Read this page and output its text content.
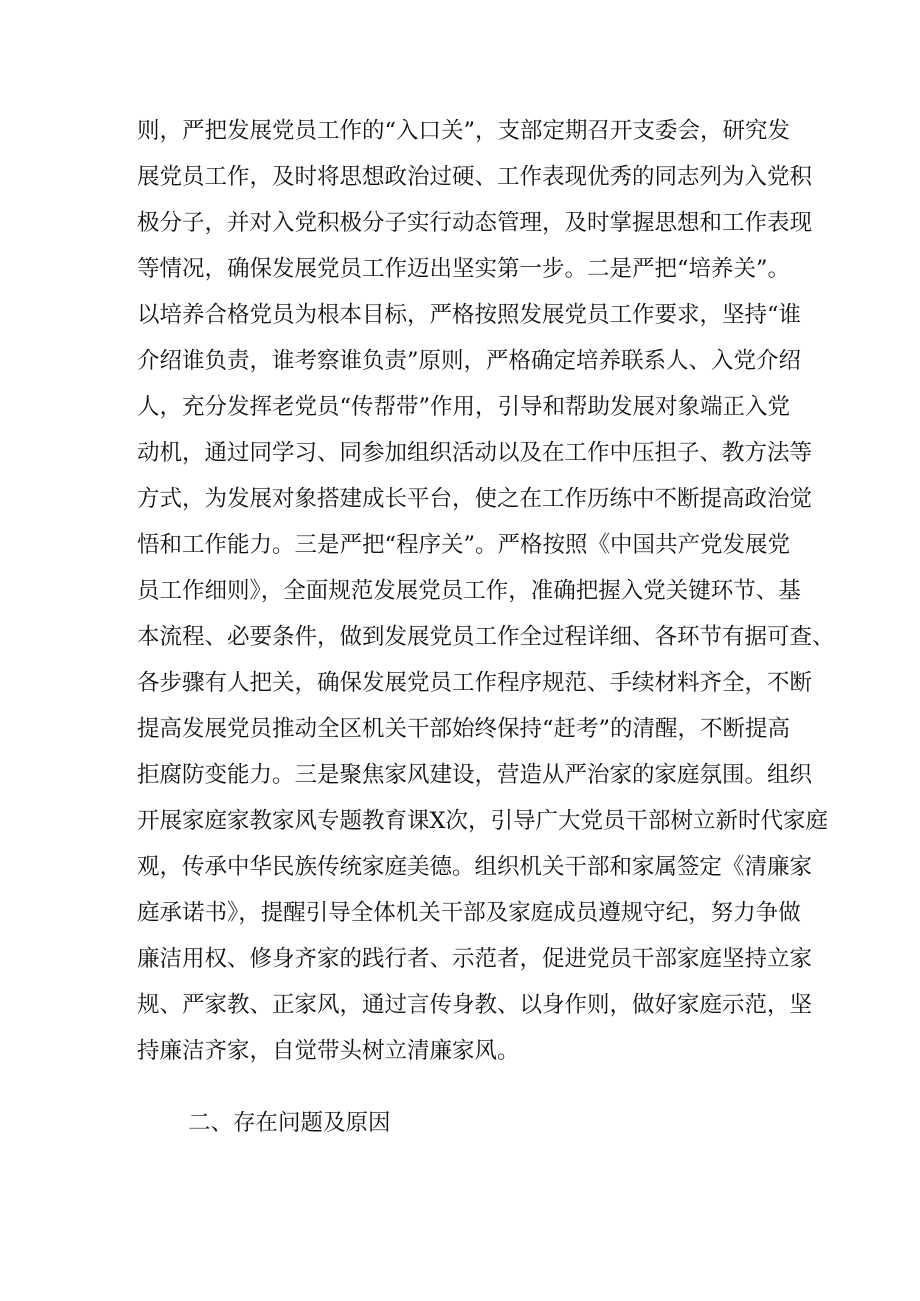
则，严把发展党员工作的“入口关”，支部定期召开支委会，研究发
展党员工作，及时将思想政治过硬、工作表现优秀的同志列为入党积
极分子，并对入党积极分子实行动态管理，及时掌握思想和工作表现
等情况，确保发展党员工作迈出坚实第一步。二是严把“培养关”。
以培养合格党员为根本目标，严格按照发展党员工作要求，坚持“谁
介绍谁负责，谁考察谁负责”原则，严格确定培养联系人、入党介绍
人，充分发挥老党员“传帮带”作用，引导和帮助发展对象端正入党
动机，通过同学习、同参加组织活动以及在工作中压担子、教方法等
方式，为发展对象搭建成长平台，使之在工作历练中不断提高政治觉
悟和工作能力。三是严把“程序关”。严格按照《中国共产党发展党
员工作细则》，全面规范发展党员工作，准确把握入党关键环节、基
本流程、必要条件，做到发展党员工作全过程详细、各环节有据可查、
各步骤有人把关，确保发展党员工作程序规范、手续材料齐全，不断
提高发展党员推动全区机关干部始终保持“赶考”的清醒，不断提高
拒腐防变能力。三是聚焦家风建设，营造从严治家的家庭氛围。组织
开展家庭家教家风专题教育课X次，引导广大党员干部树立新时代家庭
观，传承中华民族传统家庭美德。组织机关干部和家属签定《清廉家
庭承诺书》，提醒引导全体机关干部及家庭成员遵规守纪，努力争做
廉洁用权、修身齐家的践行者、示范者，促进党员干部家庭坚持立家
规、严家教、正家风，通过言传身教、以身作则，做好家庭示范，坚
持廉洁齐家，自觉带头树立清廉家风。
二、存在问题及原因
